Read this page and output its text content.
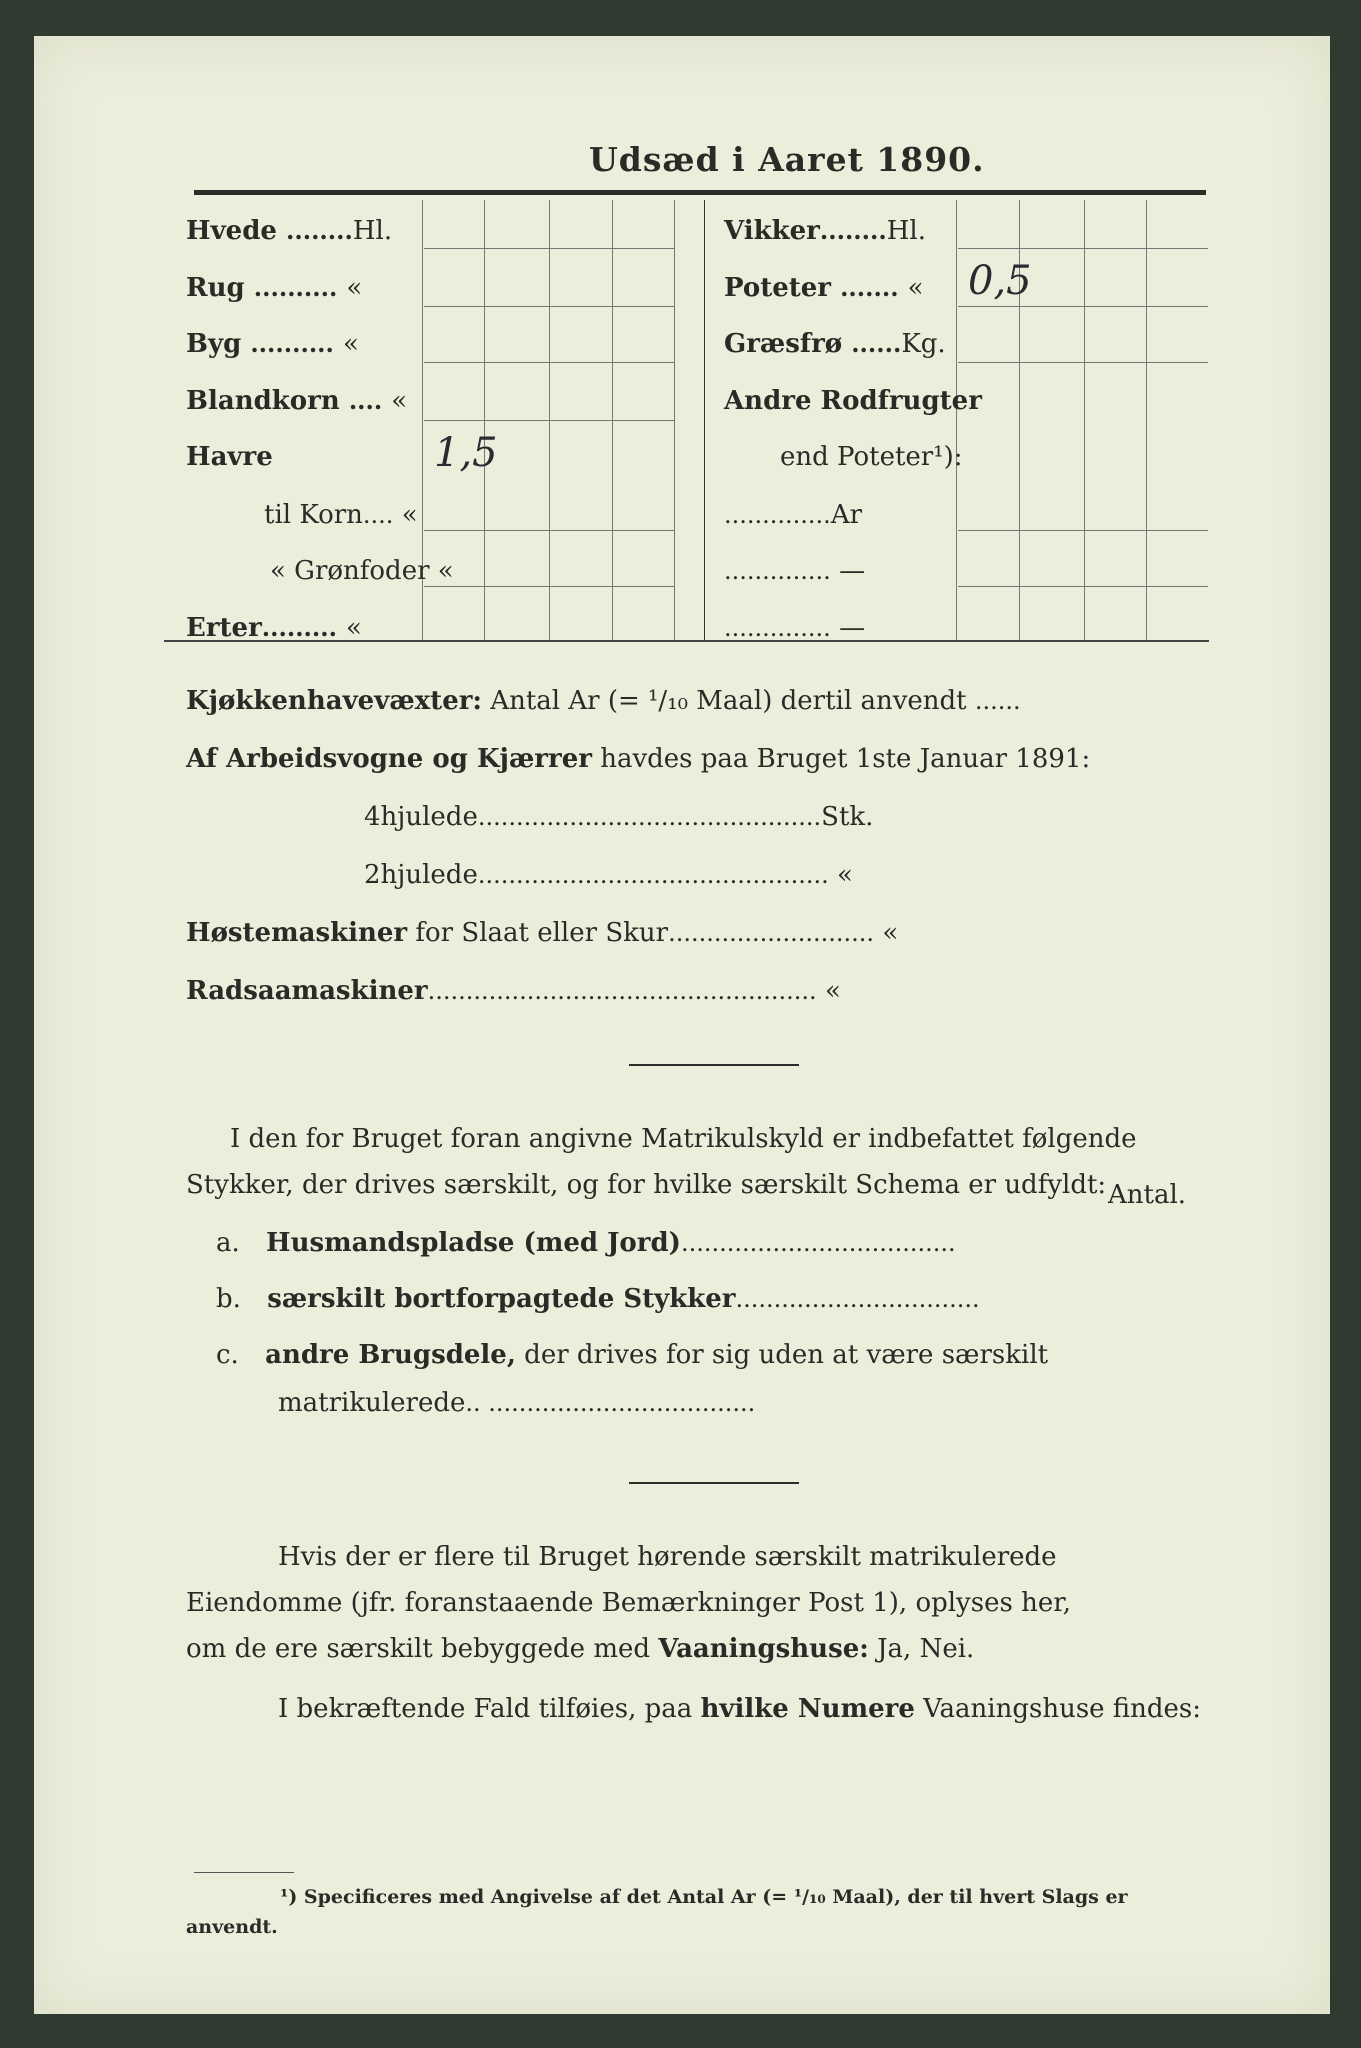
Udsæd i Aaret 1890.
Hvede ........Hl.
Rug .......... «
Byg .......... «
Blandkorn .... «
Havre	1,5
til Korn.... «
« Grønfoder «
Erter......... «
Vikker........Hl.
Poteter ....... « 0,5
Græsfrø ......Kg.
Andre Rodfrugter
end Poteter¹):
..............Ar
.............. —
.............. —
Kjøkkenhavevæxter: Antal Ar (= ¹/₁₀ Maal) dertil anvendt ......
Af Arbeidsvogne og Kjærrer havdes paa Bruget 1ste Januar 1891:
4hjulede.............................................Stk.
2hjulede.............................................. «
Høstemaskiner for Slaat eller Skur........................... «
Radsaamaskiner................................................... «
I den for Bruget foran angivne Matrikulskyld er indbefattet følgende
Stykker, der drives særskilt, og for hvilke særskilt Schema er udfyldt: Antal.
a. Husmandspladse (med Jord)....................................
b. særskilt bortforpagtede Stykker................................
c. andre Brugsdele, der drives for sig uden at være særskilt
matrikulerede.. ...................................
Hvis der er flere til Bruget hørende særskilt matrikulerede
Eiendomme (jfr. foranstaaende Bemærkninger Post 1), oplyses her,
om de ere særskilt bebyggede med Vaaningshuse: Ja, Nei.
I bekræftende Fald tilføies, paa hvilke Numere Vaaningshuse findes:
¹) Specificeres med Angivelse af det Antal Ar (= ¹/₁₀ Maal), der til hvert Slags er
anvendt.
